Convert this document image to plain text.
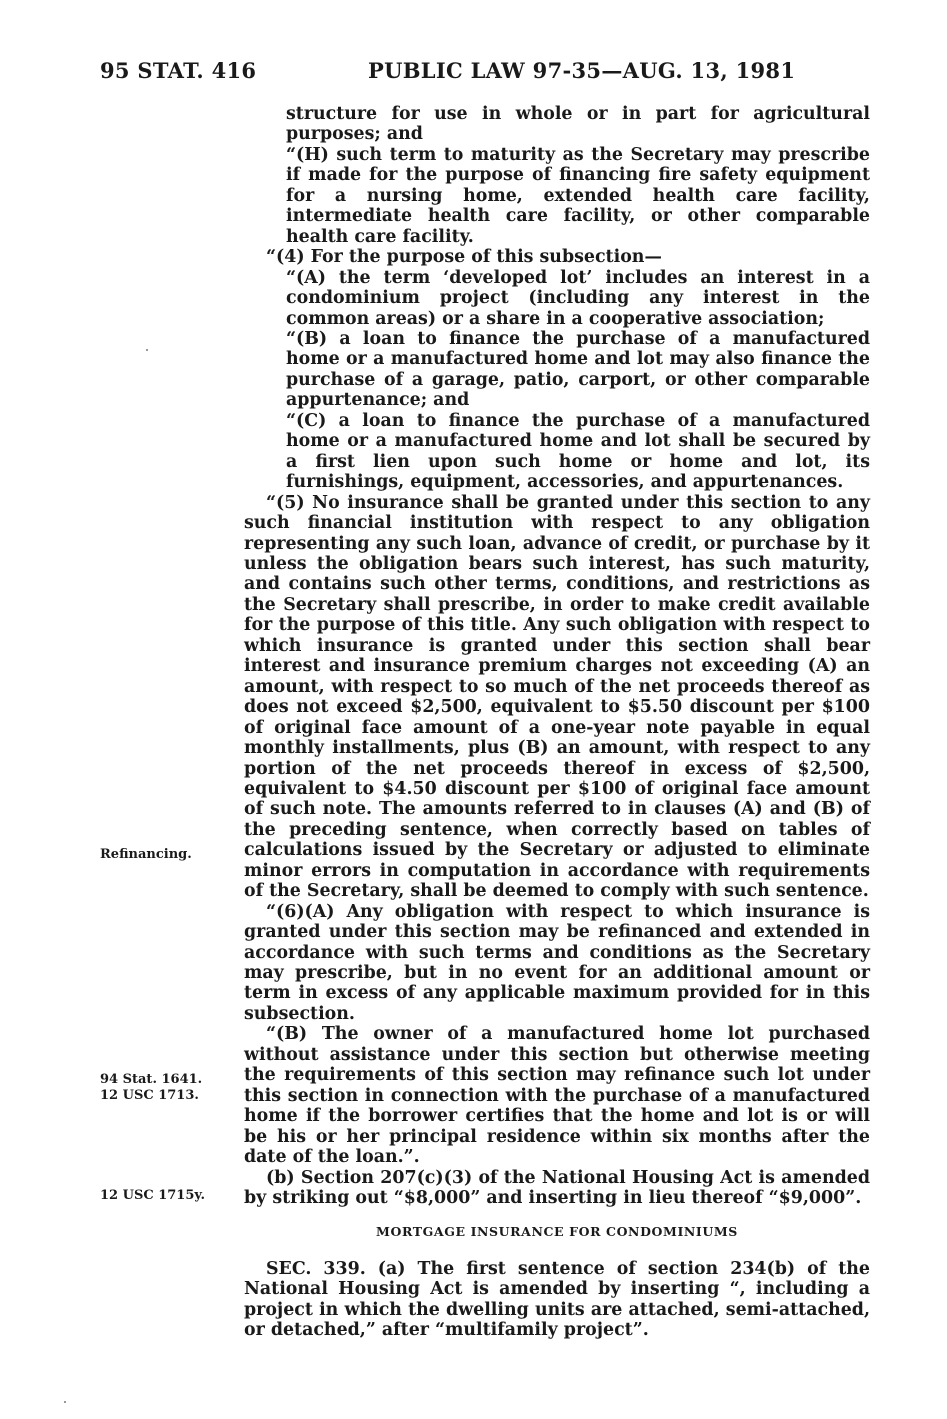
95 STAT. 416	PUBLIC LAW 97-35—AUG. 13, 1981

structure for use in whole or in part for agricultural purposes; and

“(H) such term to maturity as the Secretary may prescribe if made for the purpose of financing fire safety equipment for a nursing home, extended health care facility, intermediate health care facility, or other comparable health care facility.

“(4) For the purpose of this subsection—

“(A) the term ‘developed lot’ includes an interest in a condominium project (including any interest in the common areas) or a share in a cooperative association;

“(B) a loan to finance the purchase of a manufactured home or a manufactured home and lot may also finance the purchase of a garage, patio, carport, or other comparable appurtenance; and

“(C) a loan to finance the purchase of a manufactured home or a manufactured home and lot shall be secured by a first lien upon such home or home and lot, its furnishings, equipment, accessories, and appurtenances.

“(5) No insurance shall be granted under this section to any such financial institution with respect to any obligation representing any such loan, advance of credit, or purchase by it unless the obligation bears such interest, has such maturity, and contains such other terms, conditions, and restrictions as the Secretary shall prescribe, in order to make credit available for the purpose of this title. Any such obligation with respect to which insurance is granted under this section shall bear interest and insurance premium charges not exceeding (A) an amount, with respect to so much of the net proceeds thereof as does not exceed $2,500, equivalent to $5.50 discount per $100 of original face amount of a one-year note payable in equal monthly installments, plus (B) an amount, with respect to any portion of the net proceeds thereof in excess of $2,500, equivalent to $4.50 discount per $100 of original face amount of such note. The amounts referred to in clauses (A) and (B) of the preceding sentence, when correctly based on tables of calculations issued by the Secretary or adjusted to eliminate minor errors in computation in accordance with requirements of the Secretary, shall be deemed to comply with such sentence.

“(6)(A) Any obligation with respect to which insurance is granted under this section may be refinanced and extended in accordance with such terms and conditions as the Secretary may prescribe, but in no event for an additional amount or term in excess of any applicable maximum provided for in this subsection.

“(B) The owner of a manufactured home lot purchased without assistance under this section but otherwise meeting the requirements of this section may refinance such lot under this section in connection with the purchase of a manufactured home if the borrower certifies that the home and lot is or will be his or her principal residence within six months after the date of the loan.”.

(b) Section 207(c)(3) of the National Housing Act is amended by striking out “$8,000” and inserting in lieu thereof “$9,000”.

MORTGAGE INSURANCE FOR CONDOMINIUMS

SEC. 339. (a) The first sentence of section 234(b) of the National Housing Act is amended by inserting “, including a project in which the dwelling units are attached, semi-attached, or detached,” after “multifamily project”.

Refinancing.
94 Stat. 1641.
12 USC 1713.
12 USC 1715y.
